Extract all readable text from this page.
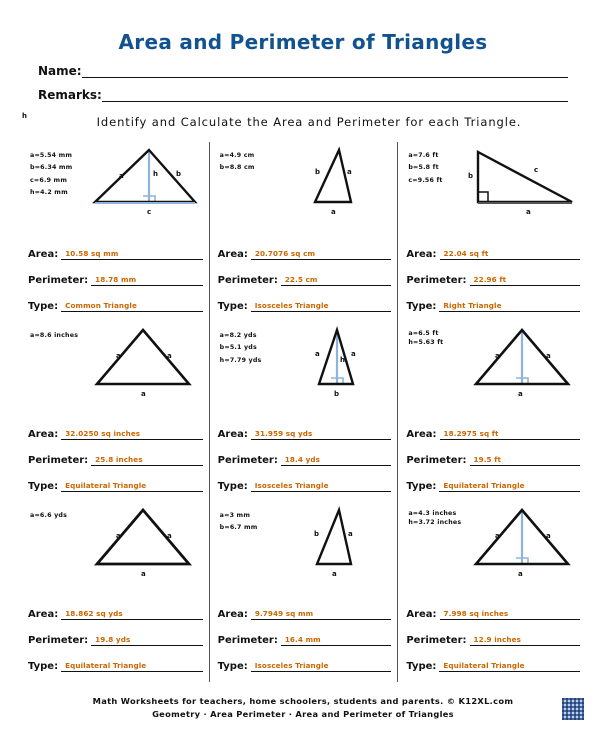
Area and Perimeter of Triangles
Name:
Remarks:
h	Identify and Calculate the Area and Perimeter for each Triangle.
a=5.54 mm
b=6.34 mm
c=6.9 mm
h=4.2 mm
a	b
c
h
Area: 10.58 sq mm
Perimeter: 18.78 mm
Type: Common Triangle
a=4.9 cm
b=8.8 cm
b	a
a
Area: 20.7076 sq cm
Perimeter: 22.5 cm
Type: Isosceles Triangle
a=7.6 ft
b=5.8 ft
c=9.56 ft
b
c
a
Area: 22.04 sq ft
Perimeter: 22.96 ft
Type: Right Triangle
a=8.6 inches
a	a
a
Area: 32.0250 sq inches
Perimeter: 25.8 inches
Type: Equilateral Triangle
a=8.2 yds
b=5.1 yds
h=7.79 yds
a	a
b
h
Area: 31.959 sq yds
Perimeter: 18.4 yds
Type: Isosceles Triangle
a=6.5 ft
h=5.63 ft
a	a
a
Area: 18.2975 sq ft
Perimeter: 19.5 ft
Type: Equilateral Triangle
a=6.6 yds
a	a
a
Area: 18.862 sq yds
Perimeter: 19.8 yds
Type: Equilateral Triangle
a=3 mm
b=6.7 mm
b	a
a
Area: 9.7949 sq mm
Perimeter: 16.4 mm
Type: Isosceles Triangle
a=4.3 inches
h=3.72 inches
a	a
a
Area: 7.998 sq inches
Perimeter: 12.9 inches
Type: Equilateral Triangle
Math Worksheets for teachers, home schoolers, students and parents. © K12XL.com
Geometry · Area Perimeter · Area and Perimeter of Triangles
